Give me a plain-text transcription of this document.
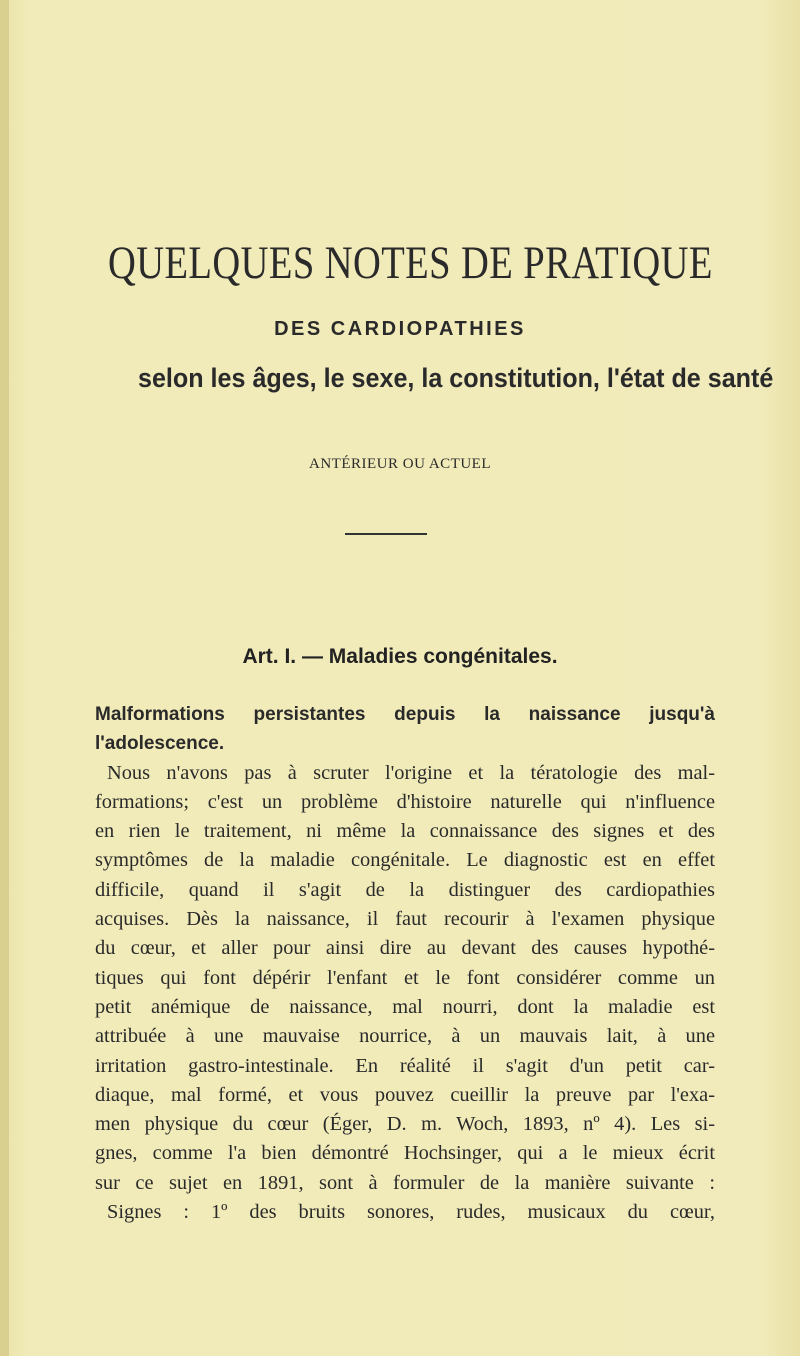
QUELQUES NOTES DE PRATIQUE
DES CARDIOPATHIES
selon les âges, le sexe, la constitution, l'état de santé
ANTÉRIEUR OU ACTUEL
Art. I. — Maladies congénitales.
Malformations persistantes depuis la naissance jusqu'à
l'adolescence.
Nous n'avons pas à scruter l'origine et la tératologie des mal-
formations; c'est un problème d'histoire naturelle qui n'influence
en rien le traitement, ni même la connaissance des signes et des
symptômes de la maladie congénitale. Le diagnostic est en effet
difficile, quand il s'agit de la distinguer des cardiopathies
acquises. Dès la naissance, il faut recourir à l'examen physique
du cœur, et aller pour ainsi dire au devant des causes hypothé-
tiques qui font dépérir l'enfant et le font considérer comme un
petit anémique de naissance, mal nourri, dont la maladie est
attribuée à une mauvaise nourrice, à un mauvais lait, à une
irritation gastro-intestinale. En réalité il s'agit d'un petit car-
diaque, mal formé, et vous pouvez cueillir la preuve par l'exa-
men physique du cœur (Éger, D. m. Woch, 1893, nº 4). Les si-
gnes, comme l'a bien démontré Hochsinger, qui a le mieux écrit
sur ce sujet en 1891, sont à formuler de la manière suivante :
Signes : 1º des bruits sonores, rudes, musicaux du cœur,
